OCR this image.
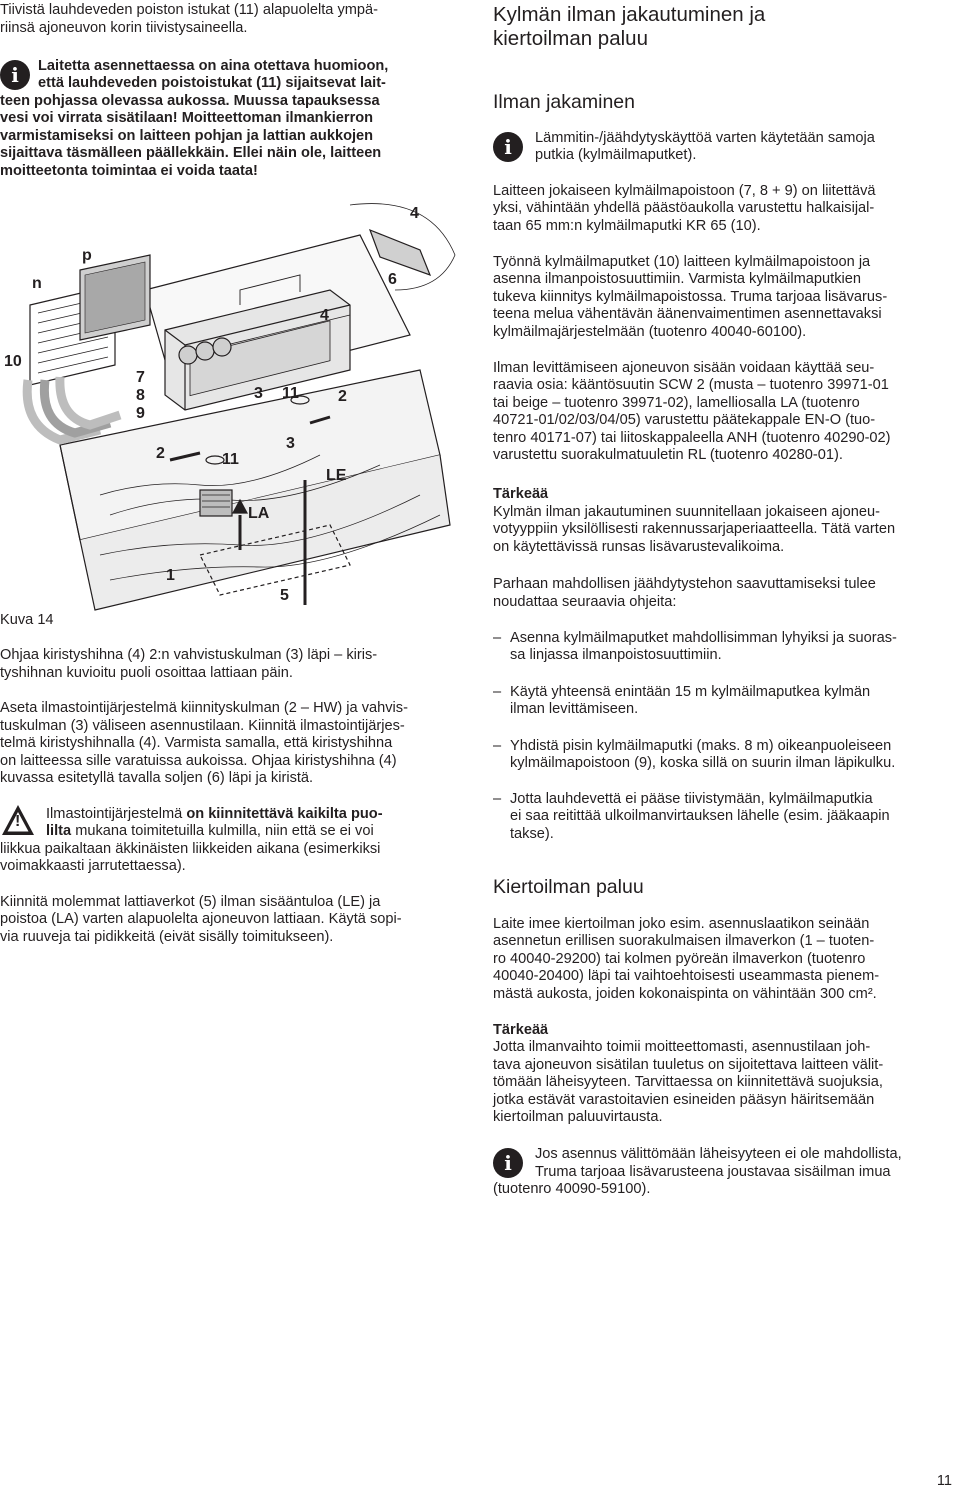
Tiivistä lauhdeveden poiston istukat (11) alapuolelta ympä-

riinsä ajoneuvon korin tiivistysaineella.

i	Laitetta asennettaessa on aina otettava huomioon,

että lauhdeveden poistoistukat (11) sijaitsevat lait-

teen pohjassa olevassa aukossa. Muussa tapauksessa

vesi voi virrata sisätilaan! Moitteettoman ilmankierron

varmistamiseksi on laitteen pohjan ja lattian aukkojen

sijaittava täsmälleen päällekkäin. Ellei näin ole, laitteen

moitteetonta toimintaa ei voida taata!

n
p
10
7
8
9
3 11 2
2	11
3
LE
LA
1
5
4
4
6

Kuva 14

Ohjaa kiristyshihna (4) 2:n vahvistuskulman (3) läpi – kiris-

tyshihnan kuvioitu puoli osoittaa lattiaan päin.

Aseta ilmastointijärjestelmä kiinnityskulman (2 – HW) ja vahvis-

tuskulman (3) väliseen asennustilaan. Kiinnitä ilmastointijärjes-

telmä kiristyshihnalla (4). Varmista samalla, että kiristyshihna

on laitteessa sille varatuissa aukoissa. Ohjaa kiristyshihna (4)

kuvassa esitetyllä tavalla soljen (6) läpi ja kiristä.

! Ilmastointijärjestelmä on kiinnitettävä kaikilta puo-

lilta mukana toimitetuilla kulmilla, niin että se ei voi

liikkua paikaltaan äkkinäisten liikkeiden aikana (esimerkiksi

voimakkaasti jarrutettaessa).

Kiinnitä molemmat lattiaverkot (5) ilman sisääntuloa (LE) ja

poistoa (LA) varten alapuolelta ajoneuvon lattiaan. Käytä sopi-

via ruuveja tai pidikkeitä (eivät sisälly toimitukseen).

Kylmän ilman jakautuminen ja
kiertoilman paluu
Ilman jakaminen
i	Lämmitin-/jäähdytyskäyttöä varten käytetään samoja

putkia (kylmäilmaputket).

Laitteen jokaiseen kylmäilmapoistoon (7, 8 + 9) on liitettävä

yksi, vähintään yhdellä päästöaukolla varustettu halkaisijal-

taan 65 mm:n kylmäilmaputki KR 65 (10).

Työnnä kylmäilmaputket (10) laitteen kylmäilmapoistoon ja

asenna ilmanpoistosuuttimiin. Varmista kylmäilmaputkien

tukeva kiinnitys kylmäilmapoistossa. Truma tarjoaa lisävarus-

teena melua vähentävän äänenvaimentimen asennettavaksi

kylmäilmajärjestelmään (tuotenro 40040-60100).

Ilman levittämiseen ajoneuvon sisään voidaan käyttää seu-

raavia osia: kääntösuutin SCW 2 (musta – tuotenro 39971-01

tai beige – tuotenro 39971-02), lamelliosalla LA (tuotenro

40721-01/02/03/04/05) varustettu päätekappale EN-O (tuo-

tenro 40171-07) tai liitoskappaleella ANH (tuotenro 40290-02)

varustettu suorakulmatuuletin RL (tuotenro 40280-01).

Tärkeää

Kylmän ilman jakautuminen suunnitellaan jokaiseen ajoneu-

votyyppiin yksilöllisesti rakennussarjaperiaatteella. Tätä varten

on käytettävissä runsas lisävarustevalikoima.

Parhaan mahdollisen jäähdytystehon saavuttamiseksi tulee

noudattaa seuraavia ohjeita:

– Asenna kylmäilmaputket mahdollisimman lyhyiksi ja suoras-

sa linjassa ilmanpoistosuuttimiin.

– Käytä yhteensä enintään 15 m kylmäilmaputkea kylmän

ilman levittämiseen.

– Yhdistä pisin kylmäilmaputki (maks. 8 m) oikeanpuoleiseen

kylmäilmapoistoon (9), koska sillä on suurin ilman läpikulku.

– Jotta lauhdevettä ei pääse tiivistymään, kylmäilmaputkia

ei saa reitittää ulkoilmanvirtauksen lähelle (esim. jääkaapin

takse).

Kiertoilman paluu

Laite imee kiertoilman joko esim. asennuslaatikon seinään

asennetun erillisen suorakulmaisen ilmaverkon (1 – tuoten-

ro 40040-29200) tai kolmen pyöreän ilmaverkon (tuotenro

40040-20400) läpi tai vaihtoehtoisesti useammasta pienem-

mästä aukosta, joiden kokonaispinta on vähintään 300 cm².

Tärkeää

Jotta ilmanvaihto toimii moitteettomasti, asennustilaan joh-

tava ajoneuvon sisätilan tuuletus on sijoitettava laitteen välit-

tömään läheisyyteen. Tarvittaessa on kiinnitettävä suojuksia,

jotka estävät varastoitavien esineiden pääsyn häiritsemään

kiertoilman paluuvirtausta.

i	Jos asennus välittömään läheisyyteen ei ole mahdollista,

Truma tarjoaa lisävarusteena joustavaa sisäilman imua

(tuotenro 40090-59100).

11
